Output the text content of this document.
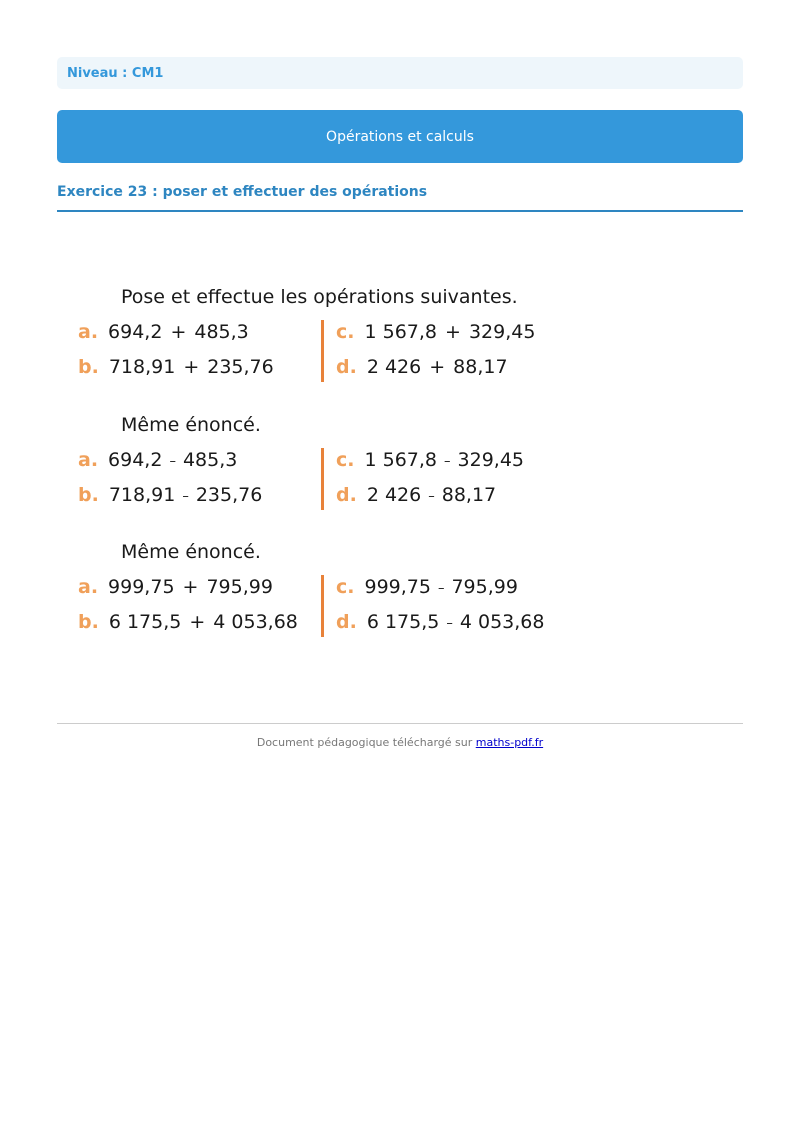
Niveau : CM1
Opérations et calculs
Exercice 23 : poser et effectuer des opérations
Pose et effectue les opérations suivantes.
a. 694,2 + 485,3
b. 718,91 + 235,76
c. 1 567,8 + 329,45
d. 2 426 + 88,17
Même énoncé.
a. 694,2 – 485,3
b. 718,91 – 235,76
c. 1 567,8 – 329,45
d. 2 426 – 88,17
Même énoncé.
a. 999,75 + 795,99
b. 6 175,5 + 4 053,68
c. 999,75 – 795,99
d. 6 175,5 – 4 053,68
Document pédagogique téléchargé sur maths-pdf.fr
